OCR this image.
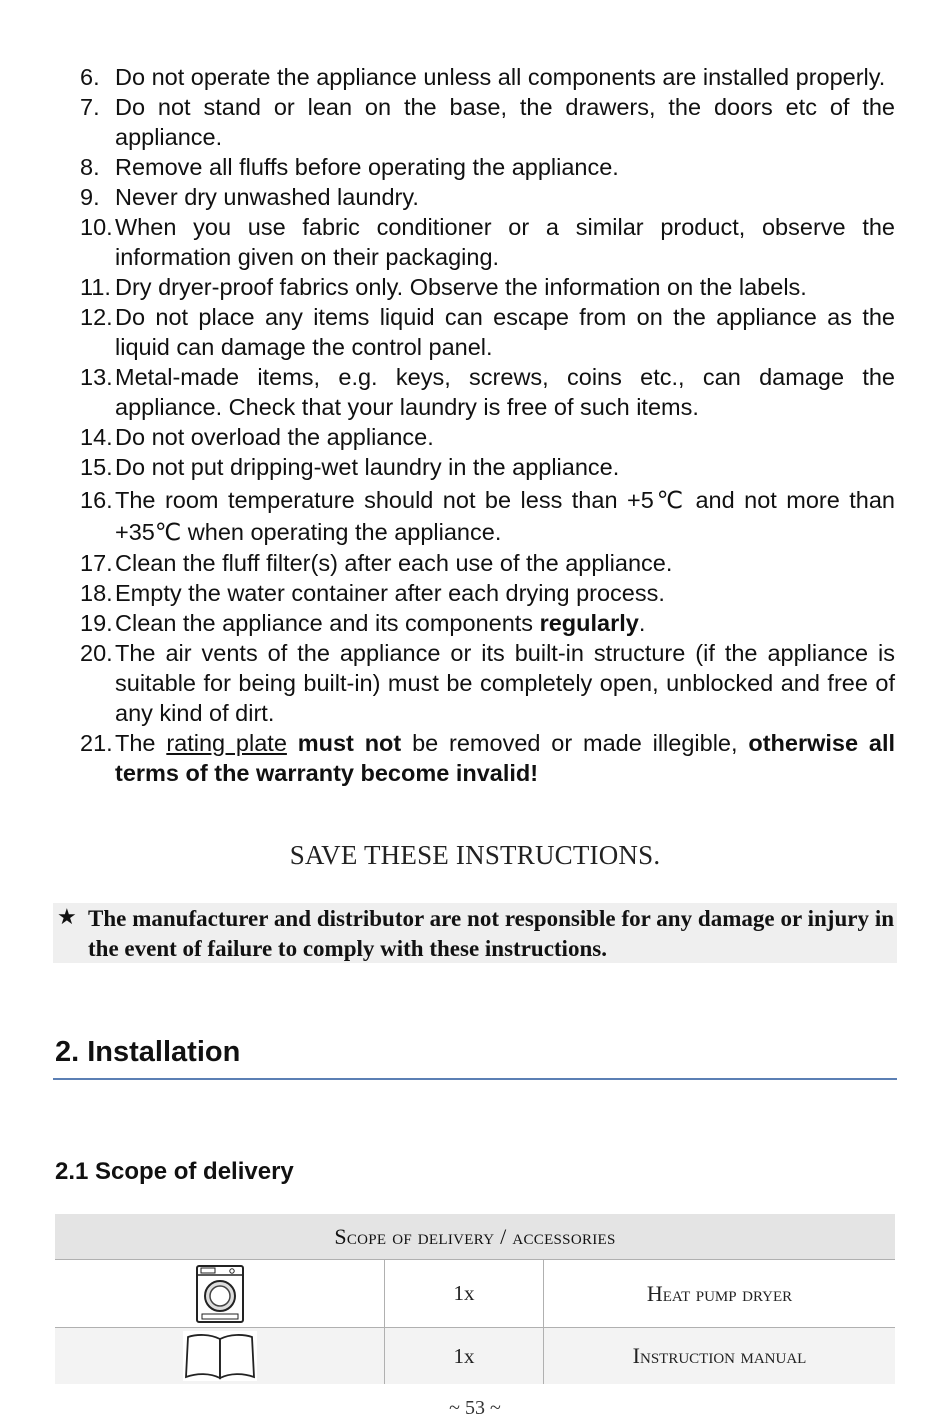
6. Do not operate the appliance unless all components are installed properly.
7. Do not stand or lean on the base, the drawers, the doors etc of the appliance.
8. Remove all fluffs before operating the appliance.
9. Never dry unwashed laundry.
10. When you use fabric conditioner or a similar product, observe the information given on their packaging.
11. Dry dryer-proof fabrics only. Observe the information on the labels.
12. Do not place any items liquid can escape from on the appliance as the liquid can damage the control panel.
13. Metal-made items, e.g. keys, screws, coins etc., can damage the appliance. Check that your laundry is free of such items.
14. Do not overload the appliance.
15. Do not put dripping-wet laundry in the appliance.
16. The room temperature should not be less than +5℃ and not more than +35℃ when operating the appliance.
17. Clean the fluff filter(s) after each use of the appliance.
18. Empty the water container after each drying process.
19. Clean the appliance and its components regularly.
20. The air vents of the appliance or its built-in structure (if the appliance is suitable for being built-in) must be completely open, unblocked and free of any kind of dirt.
21. The rating plate must not be removed or made illegible, otherwise all terms of the warranty become invalid!
SAVE THESE INSTRUCTIONS.
★ The manufacturer and distributor are not responsible for any damage or injury in the event of failure to comply with these instructions.
2. Installation
2.1 Scope of delivery
Scope of delivery / accessories		

	1x	Heat pump dryer

	1x	Instruction manual
~ 53 ~
